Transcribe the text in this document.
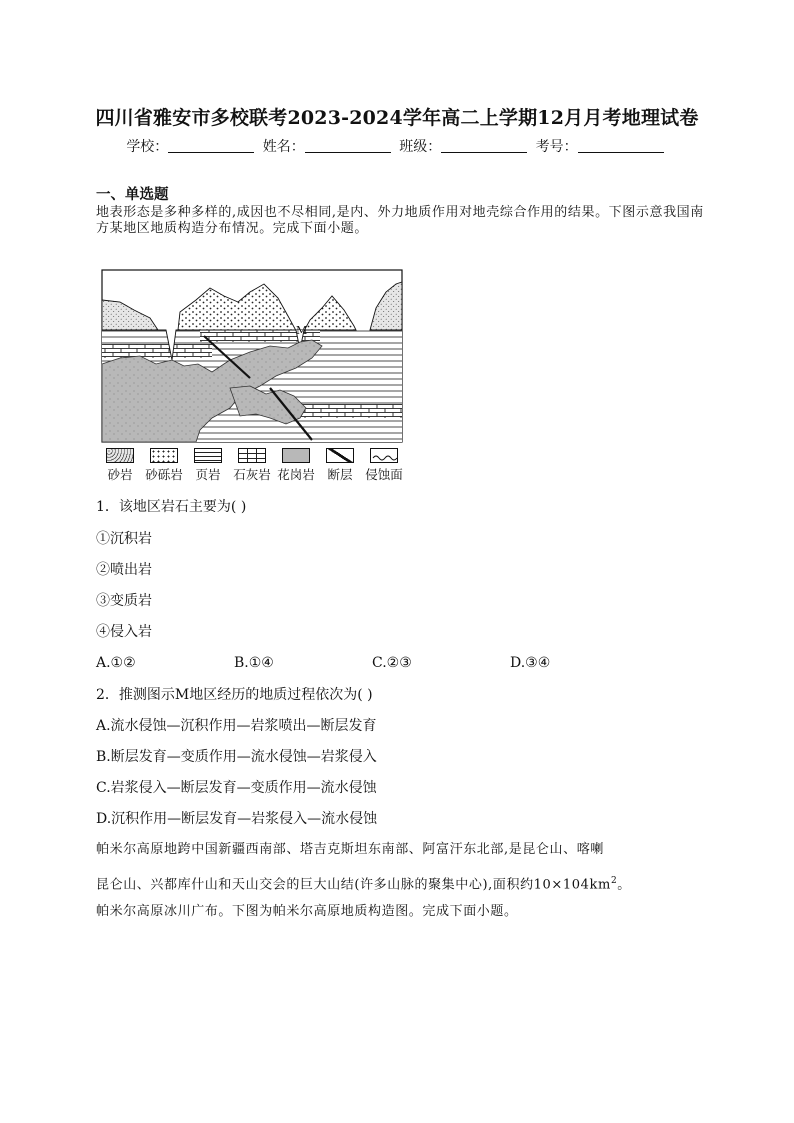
四川省雅安市多校联考2023-2024学年高二上学期12月月考地理试卷
学校：	姓名：	班级：	考号：
一、单选题
地表形态是多种多样的,成因也不尽相同,是内、外力地质作用对地壳综合作用的结果。下图示意我国南方某地区地质构造分布情况。完成下面小题。
M
砂岩	砂砾岩	页岩	石灰岩 花岗岩	断层	侵蚀面
1．该地区岩石主要为( )
①沉积岩
②喷出岩
③变质岩
④侵入岩
A.①②	B.①④	C.②③	D.③④
2．推测图示M地区经历的地质过程依次为( )
A.流水侵蚀—沉积作用—岩浆喷出—断层发育
B.断层发育—变质作用—流水侵蚀—岩浆侵入
C.岩浆侵入—断层发育—变质作用—流水侵蚀
D.沉积作用—断层发育—岩浆侵入—流水侵蚀
帕米尔高原地跨中国新疆西南部、塔吉克斯坦东南部、阿富汗东北部,是昆仑山、喀喇
昆仑山、兴都库什山和天山交会的巨大山结(许多山脉的聚集中心),面积约$10\times 104km^2$。
帕米尔高原冰川广布。下图为帕米尔高原地质构造图。完成下面小题。
